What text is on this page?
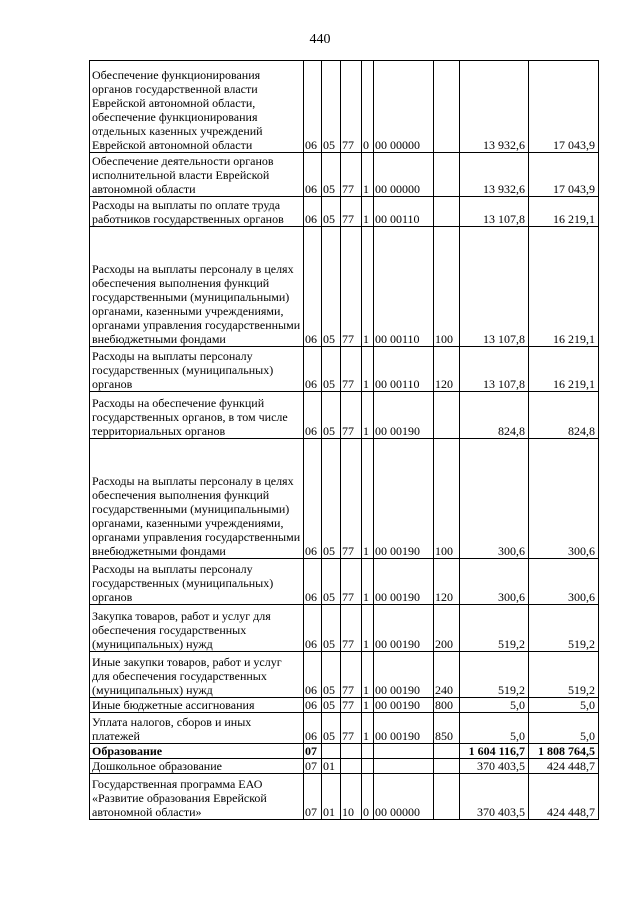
440
Обеспечение функционирования органов государственной власти Еврейской автономной области, обеспечение функционирования отдельных казенных учреждений Еврейской автономной области	06	05	77	0	00 00000		13 932,6	17 043,9
Обеспечение деятельности органов исполнительной власти Еврейской автономной области	06	05	77	1	00 00000		13 932,6	17 043,9
Расходы на выплаты по оплате труда работников государственных органов	06	05	77	1	00 00110		13 107,8	16 219,1
Расходы на выплаты персоналу в целях обеспечения выполнения функций государственными (муниципальными) органами, казенными учреждениями, органами управления государственными внебюджетными фондами	06	05	77	1	00 00110	100	13 107,8	16 219,1
Расходы на выплаты персоналу государственных (муниципальных) органов	06	05	77	1	00 00110	120	13 107,8	16 219,1
Расходы на обеспечение функций государственных органов, в том числе территориальных органов	06	05	77	1	00 00190		824,8	824,8
Расходы на выплаты персоналу в целях обеспечения выполнения функций государственными (муниципальными) органами, казенными учреждениями, органами управления государственными внебюджетными фондами	06	05	77	1	00 00190	100	300,6	300,6
Расходы на выплаты персоналу государственных (муниципальных) органов	06	05	77	1	00 00190	120	300,6	300,6
Закупка товаров, работ и услуг для обеспечения государственных (муниципальных) нужд	06	05	77	1	00 00190	200	519,2	519,2
Иные закупки товаров, работ и услуг для обеспечения государственных (муниципальных) нужд	06	05	77	1	00 00190	240	519,2	519,2
Иные бюджетные ассигнования	06	05	77	1	00 00190	800	5,0	5,0
Уплата налогов, сборов и иных платежей	06	05	77	1	00 00190	850	5,0	5,0
Образование	07						1 604 116,7	1 808 764,5
Дошкольное образование	07	01					370 403,5	424 448,7
Государственная программа ЕАО «Развитие образования Еврейской автономной области»	07	01	10	0	00 00000		370 403,5	424 448,7
